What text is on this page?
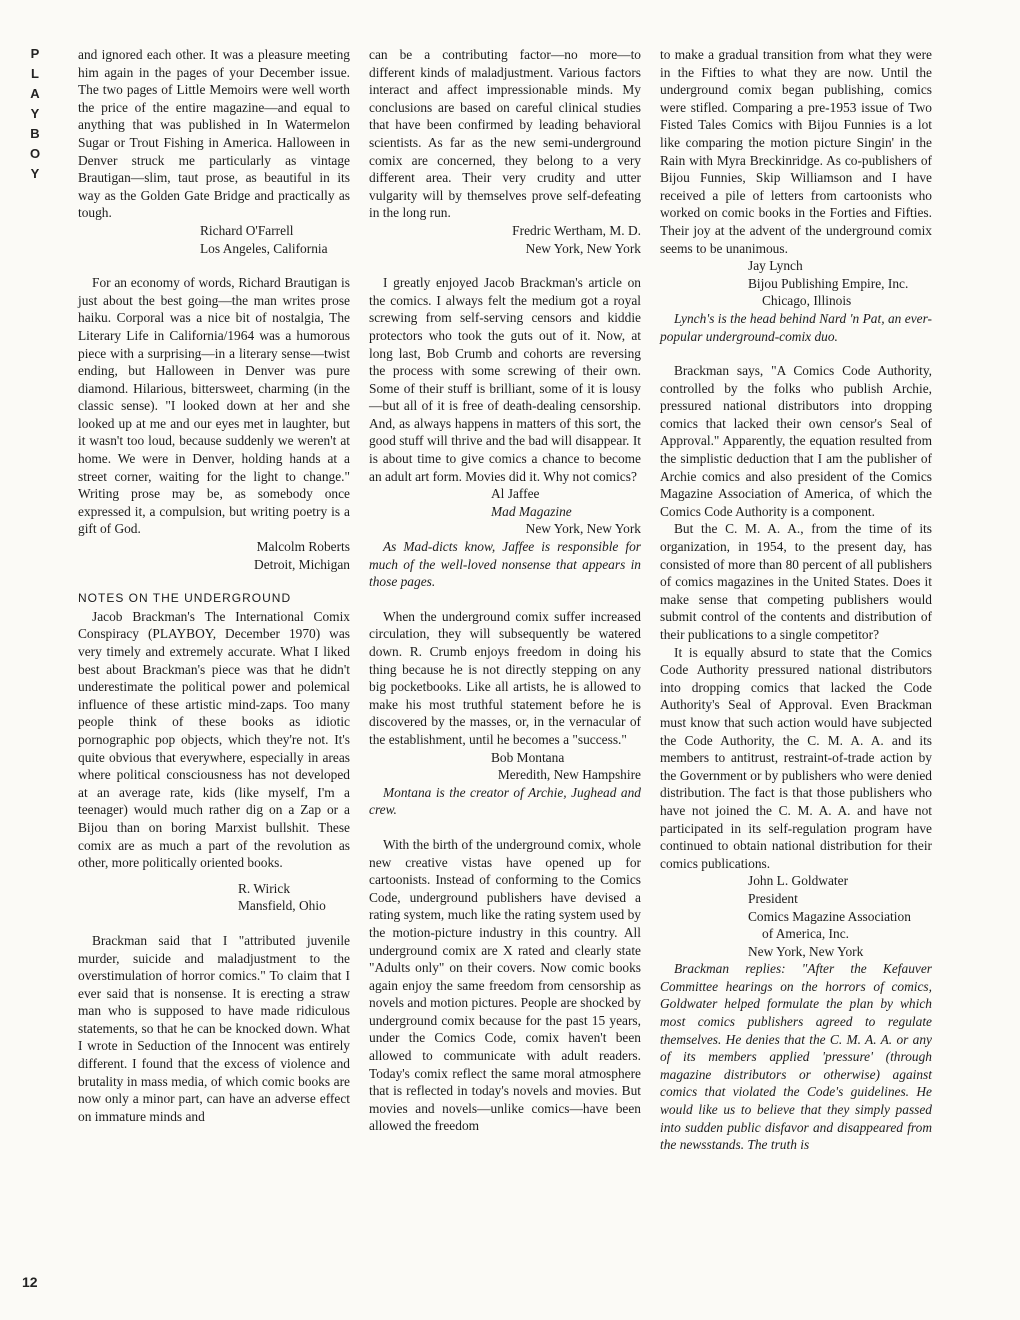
P
L
A
Y
B
O
Y
12

and ignored each other. It was a pleasure meeting him again in the pages of your December issue. The two pages of Little Memoirs were well worth the price of the entire magazine—and equal to anything that was published in In Watermelon Sugar or Trout Fishing in America. Halloween in Denver struck me particularly as vintage Brautigan—slim, taut prose, as beautiful in its way as the Golden Gate Bridge and practically as tough.

Richard O'Farrell

Los Angeles, California

For an economy of words, Richard Brautigan is just about the best going—the man writes prose haiku. Corporal was a nice bit of nostalgia, The Literary Life in California/1964 was a humorous piece with a surprising—in a literary sense—twist ending, but Halloween in Denver was pure diamond. Hilarious, bittersweet, charming (in the classic sense). "I looked down at her and she looked up at me and our eyes met in laughter, but it wasn't too loud, because suddenly we weren't at home. We were in Denver, holding hands at a street corner, waiting for the light to change." Writing prose may be, as somebody once expressed it, a compulsion, but writing poetry is a gift of God.

Malcolm Roberts

Detroit, Michigan

NOTES ON THE UNDERGROUND

Jacob Brackman's The International Comix Conspiracy (PLAYBOY, December 1970) was very timely and extremely accurate. What I liked best about Brackman's piece was that he didn't underestimate the political power and polemical influence of these artistic mind-zaps. Too many people think of these books as idiotic pornographic pop objects, which they're not. It's quite obvious that everywhere, especially in areas where political consciousness has not developed at an average rate, kids (like myself, I'm a teenager) would much rather dig on a Zap or a Bijou than on boring Marxist bullshit. These comix are as much a part of the revolution as other, more politically oriented books.

R. Wirick

Mansfield, Ohio

Brackman said that I "attributed juvenile murder, suicide and maladjustment to the overstimulation of horror comics." To claim that I ever said that is nonsense. It is erecting a straw man who is supposed to have made ridiculous statements, so that he can be knocked down. What I wrote in Seduction of the Innocent was entirely different. I found that the excess of violence and brutality in mass media, of which comic books are now only a minor part, can have an adverse effect on immature minds and

can be a contributing factor—no more—to different kinds of maladjustment. Various factors interact and affect impressionable minds. My conclusions are based on careful clinical studies that have been confirmed by leading behavioral scientists. As far as the new semi-underground comix are concerned, they belong to a very different area. Their very crudity and utter vulgarity will by themselves prove self-defeating in the long run.

Fredric Wertham, M. D.

New York, New York

I greatly enjoyed Jacob Brackman's article on the comics. I always felt the medium got a royal screwing from self-serving censors and kiddie protectors who took the guts out of it. Now, at long last, Bob Crumb and cohorts are reversing the process with some screwing of their own. Some of their stuff is brilliant, some of it is lousy—but all of it is free of death-dealing censorship. And, as always happens in matters of this sort, the good stuff will thrive and the bad will disappear. It is about time to give comics a chance to become an adult art form. Movies did it. Why not comics?

Al Jaffee

Mad Magazine

New York, New York

As Mad-dicts know, Jaffee is responsible for much of the well-loved nonsense that appears in those pages.

When the underground comix suffer increased circulation, they will subsequently be watered down. R. Crumb enjoys freedom in doing his thing because he is not directly stepping on any big pocketbooks. Like all artists, he is allowed to make his most truthful statement before he is discovered by the masses, or, in the vernacular of the establishment, until he becomes a "success."

Bob Montana

Meredith, New Hampshire

Montana is the creator of Archie, Jughead and crew.

With the birth of the underground comix, whole new creative vistas have opened up for cartoonists. Instead of conforming to the Comics Code, underground publishers have devised a rating system, much like the rating system used by the motion-picture industry in this country. All underground comix are X rated and clearly state "Adults only" on their covers. Now comic books again enjoy the same freedom from censorship as novels and motion pictures. People are shocked by underground comix because for the past 15 years, under the Comics Code, comix haven't been allowed to communicate with adult readers. Today's comix reflect the same moral atmosphere that is reflected in today's novels and movies. But movies and novels—unlike comics—have been allowed the freedom

to make a gradual transition from what they were in the Fifties to what they are now. Until the underground comix began publishing, comics were stifled. Comparing a pre-1953 issue of Two Fisted Tales Comics with Bijou Funnies is a lot like comparing the motion picture Singin' in the Rain with Myra Breckinridge. As co-publishers of Bijou Funnies, Skip Williamson and I have received a pile of letters from cartoonists who worked on comic books in the Forties and Fifties. Their joy at the advent of the underground comix seems to be unanimous.

Jay Lynch

Bijou Publishing Empire, Inc.

Chicago, Illinois

Lynch's is the head behind Nard 'n Pat, an ever-popular underground-comix duo.

Brackman says, "A Comics Code Authority, controlled by the folks who publish Archie, pressured national distributors into dropping comics that lacked their own censor's Seal of Approval." Apparently, the equation resulted from the simplistic deduction that I am the publisher of Archie comics and also president of the Comics Magazine Association of America, of which the Comics Code Authority is a component.

But the C. M. A. A., from the time of its organization, in 1954, to the present day, has consisted of more than 80 percent of all publishers of comics magazines in the United States. Does it make sense that competing publishers would submit control of the contents and distribution of their publications to a single competitor?

It is equally absurd to state that the Comics Code Authority pressured national distributors into dropping comics that lacked the Code Authority's Seal of Approval. Even Brackman must know that such action would have subjected the Code Authority, the C. M. A. A. and its members to antitrust, restraint-of-trade action by the Government or by publishers who were denied distribution. The fact is that those publishers who have not joined the C. M. A. A. and have not participated in its self-regulation program have continued to obtain national distribution for their comics publications.

John L. Goldwater

President

Comics Magazine Association

of America, Inc.

New York, New York

Brackman replies: "After the Kefauver Committee hearings on the horrors of comics, Goldwater helped formulate the plan by which most comics publishers agreed to regulate themselves. He denies that the C. M. A. A. or any of its members applied 'pressure' (through magazine distributors or otherwise) against comics that violated the Code's guidelines. He would like us to believe that they simply passed into sudden public disfavor and disappeared from the newsstands. The truth is
